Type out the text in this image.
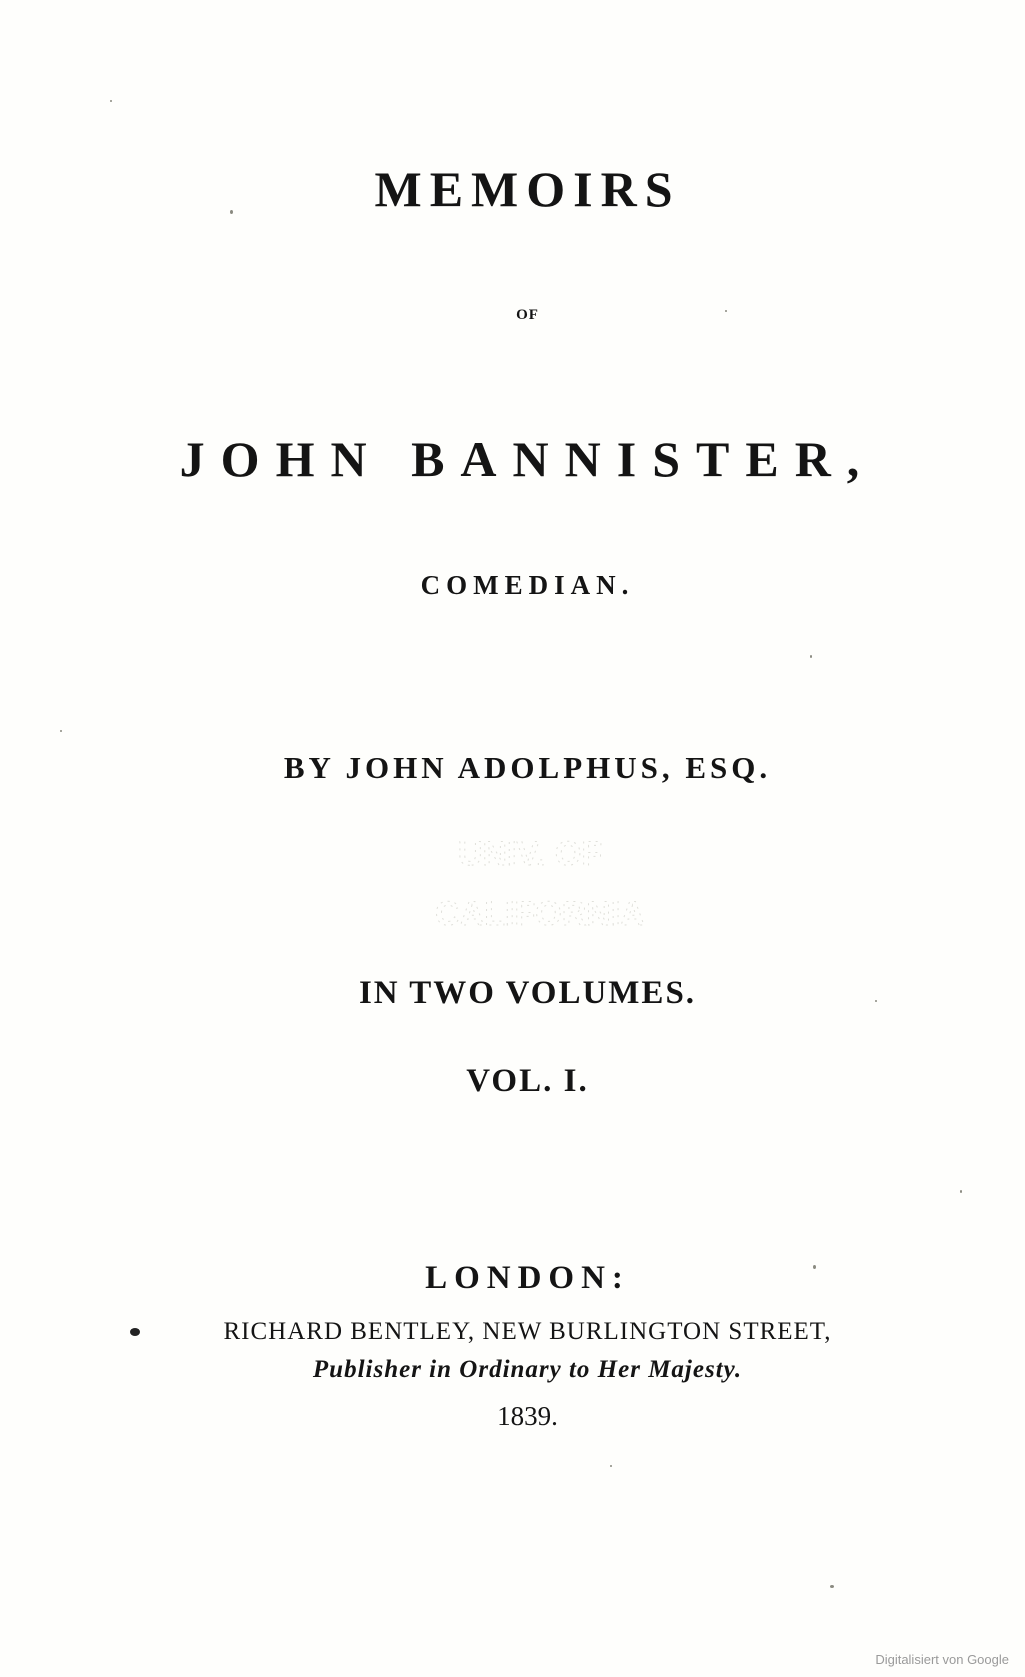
MEMOIRS
OF
JOHN BANNISTER,
COMEDIAN.
BY JOHN ADOLPHUS, ESQ.
UNIV. OF
CALIFORNIA
IN TWO VOLUMES.
VOL. I.
LONDON:
RICHARD BENTLEY, NEW BURLINGTON STREET,
Publisher in Ordinary to Her Majesty.
1839.
Digitalisiert von Google
